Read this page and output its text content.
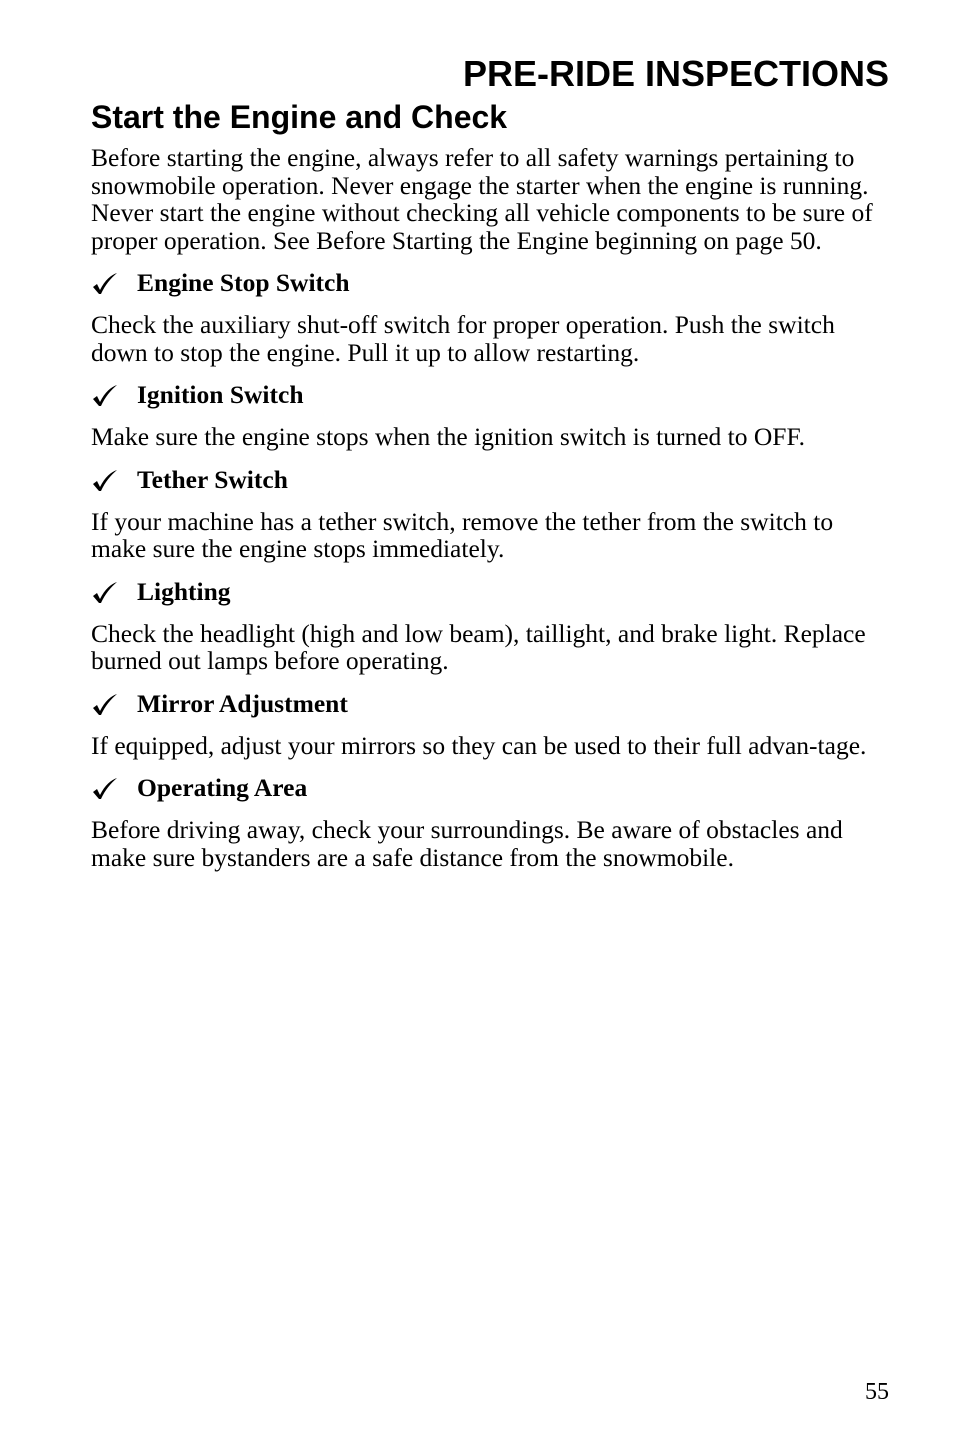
PRE-RIDE INSPECTIONS
Start the Engine and Check

Before starting the engine, always refer to all safety warnings pertaining to snowmobile operation. Never engage the starter when the engine is running. Never start the engine without checking all vehicle components to be sure of proper operation. See Before Starting the Engine beginning on page 50.

Engine Stop Switch

Check the auxiliary shut-off switch for proper operation. Push the switch down to stop the engine. Pull it up to allow restarting.

Ignition Switch

Make sure the engine stops when the ignition switch is turned to OFF.

Tether Switch

If your machine has a tether switch, remove the tether from the switch to make sure the engine stops immediately.

Lighting

Check the headlight (high and low beam), taillight, and brake light. Replace burned out lamps before operating.

Mirror Adjustment

If equipped, adjust your mirrors so they can be used to their full advan-tage.

Operating Area

Before driving away, check your surroundings. Be aware of obstacles and make sure bystanders are a safe distance from the snowmobile.

55
